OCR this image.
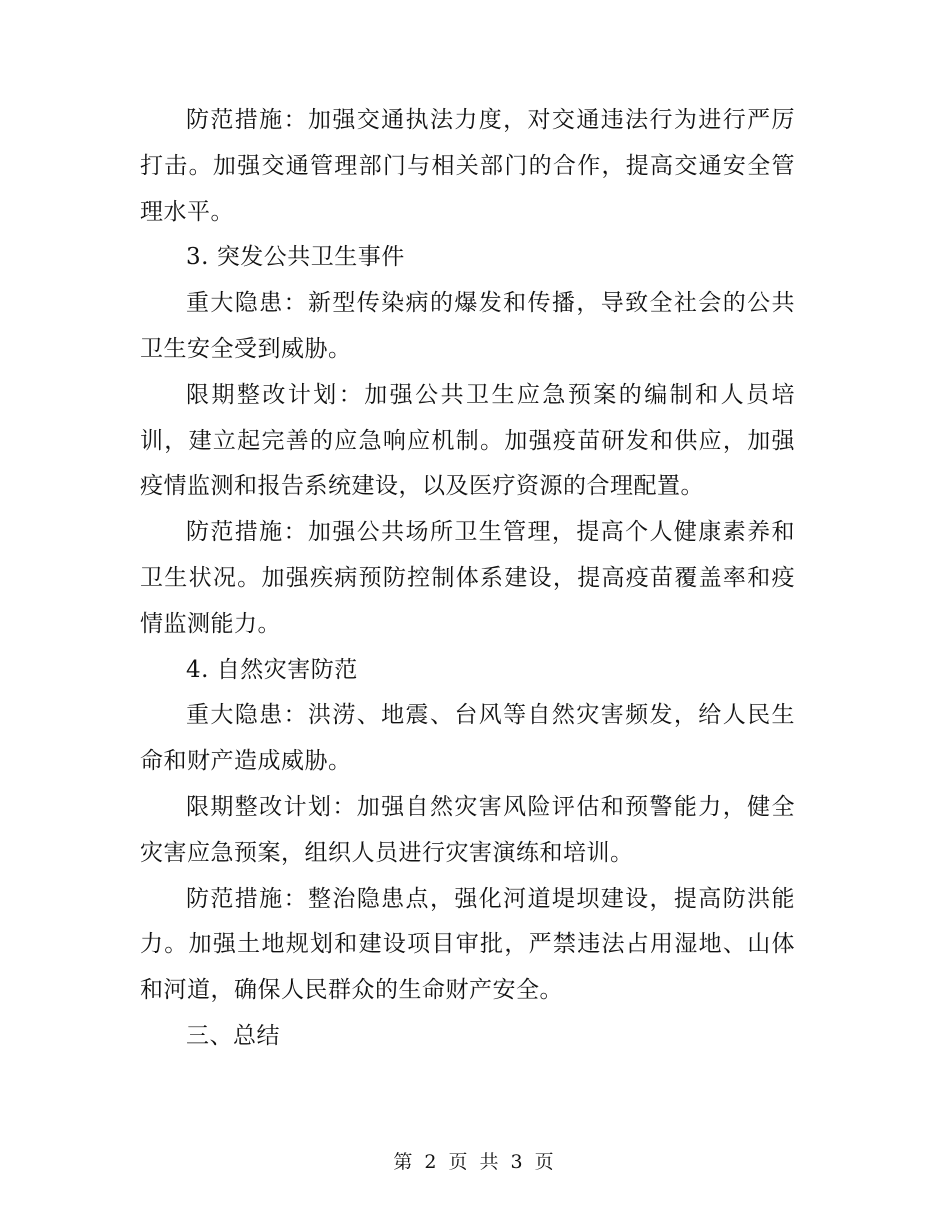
防范措施：加强交通执法力度，对交通违法行为进行严厉打击。加强交通管理部门与相关部门的合作，提高交通安全管理水平。

3. 突发公共卫生事件

重大隐患：新型传染病的爆发和传播，导致全社会的公共卫生安全受到威胁。

限期整改计划：加强公共卫生应急预案的编制和人员培训，建立起完善的应急响应机制。加强疫苗研发和供应，加强疫情监测和报告系统建设，以及医疗资源的合理配置。

防范措施：加强公共场所卫生管理，提高个人健康素养和卫生状况。加强疾病预防控制体系建设，提高疫苗覆盖率和疫情监测能力。

4. 自然灾害防范

重大隐患：洪涝、地震、台风等自然灾害频发，给人民生命和财产造成威胁。

限期整改计划：加强自然灾害风险评估和预警能力，健全灾害应急预案，组织人员进行灾害演练和培训。

防范措施：整治隐患点，强化河道堤坝建设，提高防洪能力。加强土地规划和建设项目审批，严禁违法占用湿地、山体和河道，确保人民群众的生命财产安全。

三、总结

第 2 页 共 3 页
